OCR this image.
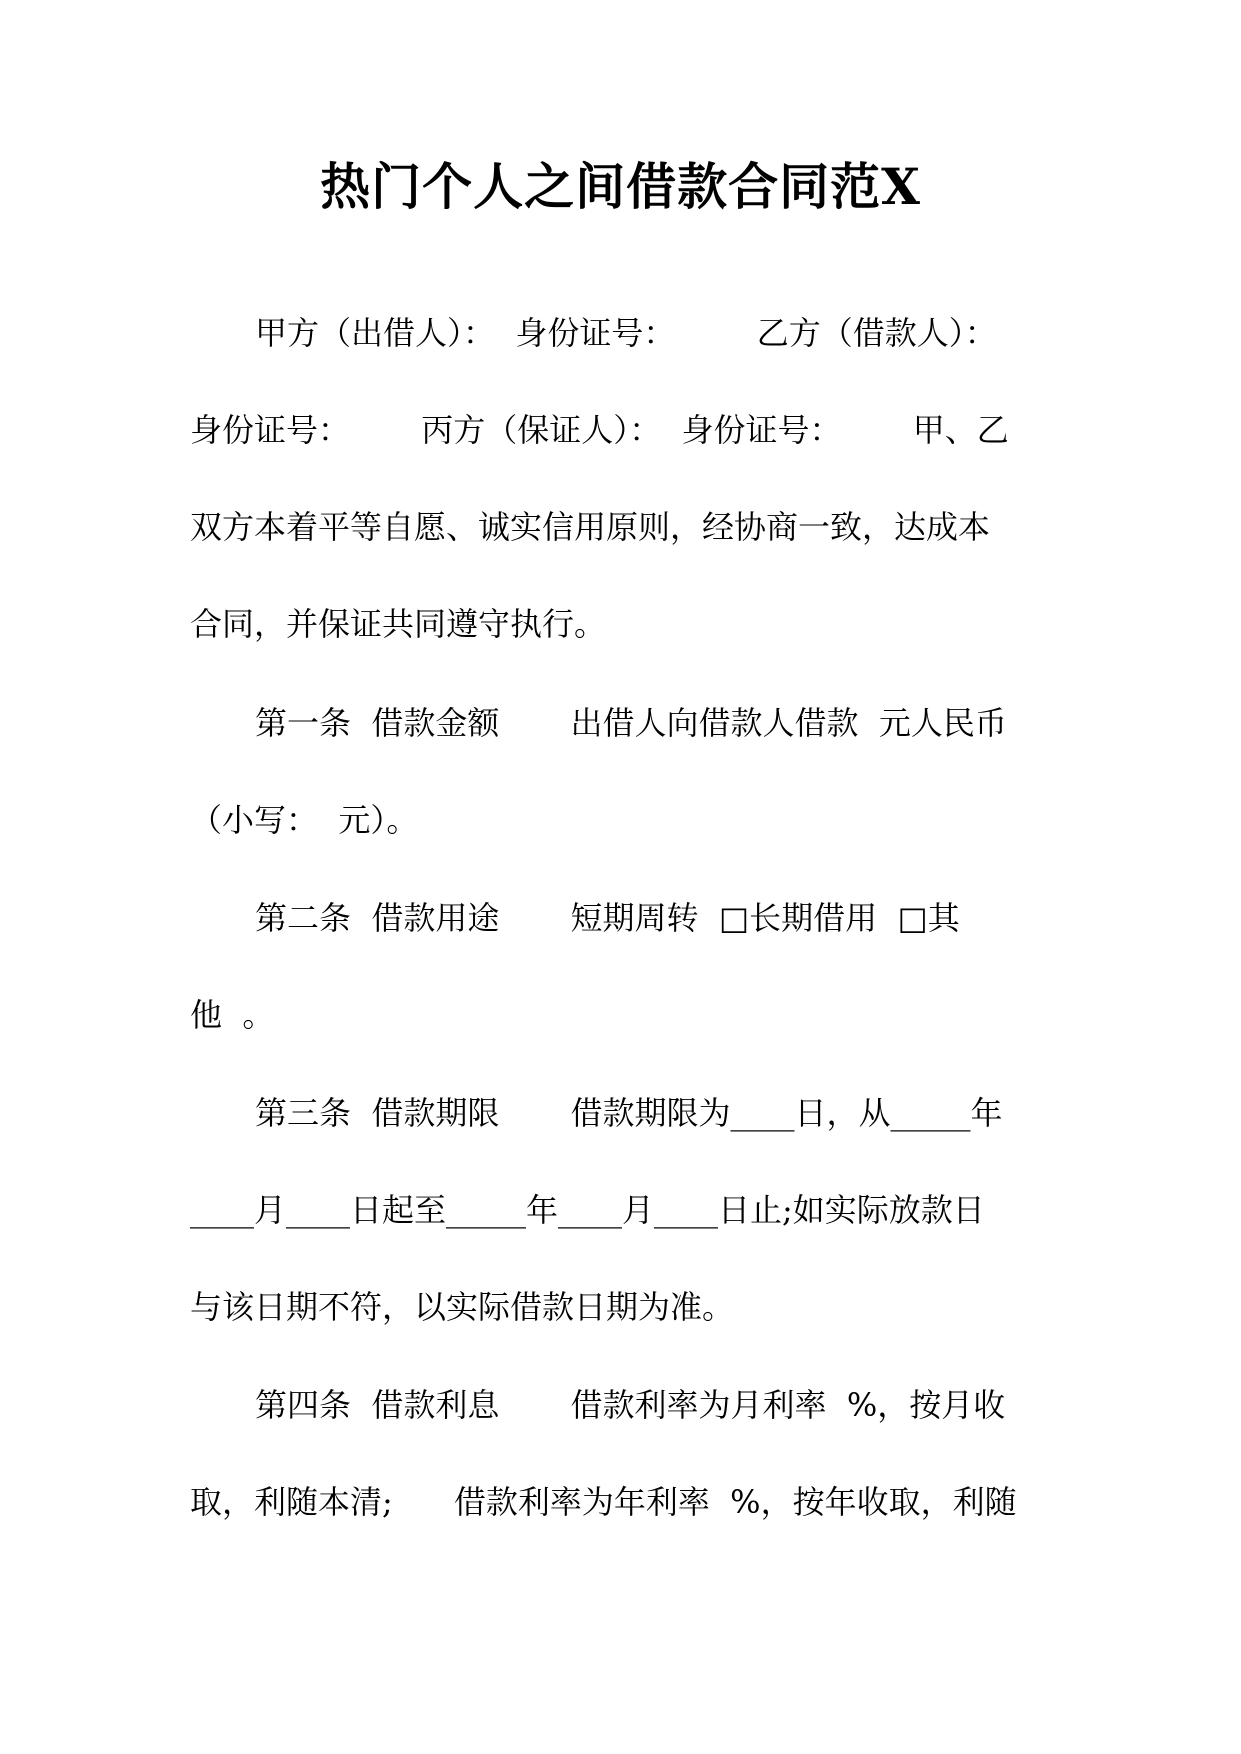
热门个人之间借款合同范X
甲方（出借人）：  身份证号：        乙方（借款人）：
身份证号：       丙方（保证人）：  身份证号：       甲、乙
双方本着平等自愿、诚实信用原则，经协商一致，达成本
合同，并保证共同遵守执行。
第一条  借款金额       出借人向借款人借款  元人民币
（小写：  元）。
第二条  借款用途       短期周转  □长期借用  □其
他  。
第三条  借款期限       借款期限为____日，从_____年
____月____日起至_____年____月____日止;如实际放款日
与该日期不符，以实际借款日期为准。
第四条  借款利息       借款利率为月利率  %，按月收
取，利随本清;      借款利率为年利率  %，按年收取，利随
